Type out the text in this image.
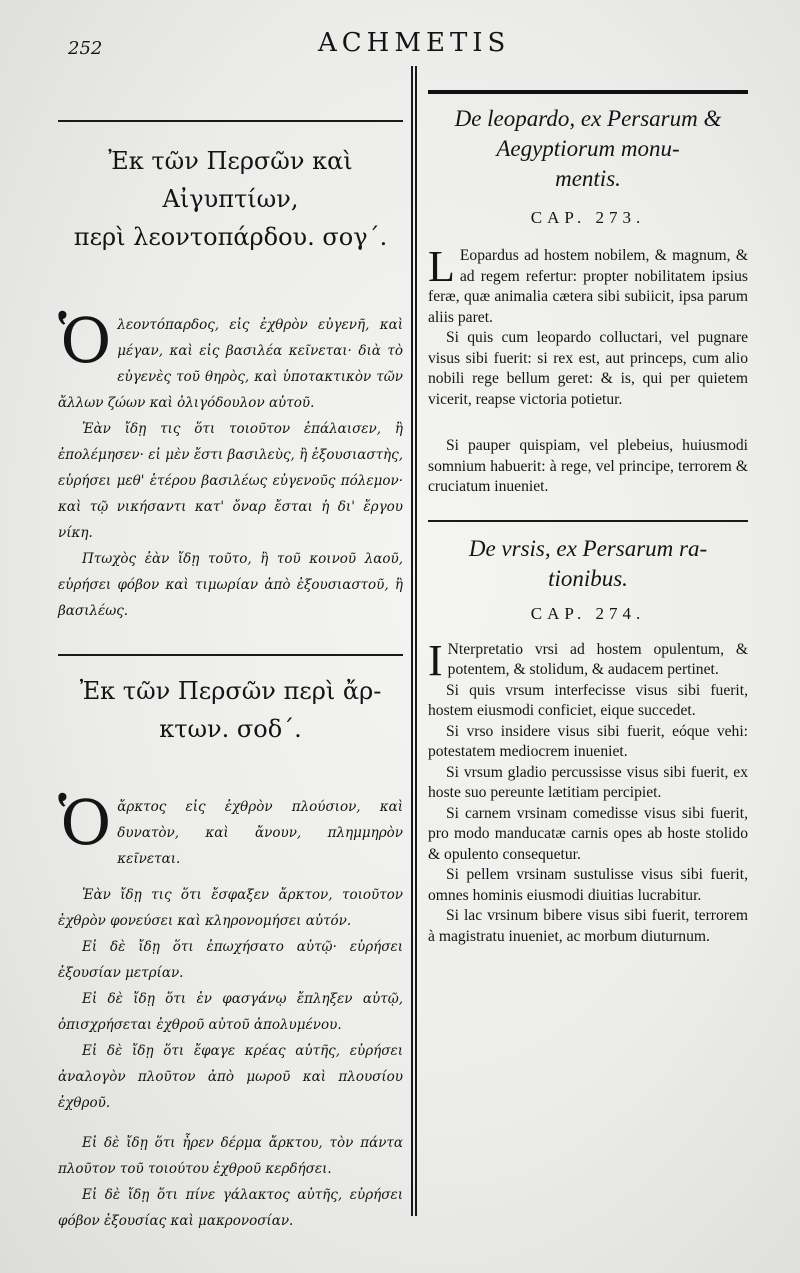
252	ACHMETIS

Ἐκ τῶν Περσῶν καὶ Αἰγυπτίων,

περὶ λεοντοπάρδου. σογ΄.

Ὁλεοντόπαρδος, εἰς ἐχθρὸν εὐγενῆ, καὶ μέγαν, καὶ εἰς βασιλέα κεῖνεται· διὰ τὸ εὐγενὲς τοῦ θηρὸς, καὶ ὑποτακτικὸν τῶν ἄλλων ζώων καὶ ὀλιγόδουλον αὐτοῦ.

Ἐὰν ἴδῃ τις ὅτι τοιοῦτον ἐπάλαισεν, ἢ ἐπολέμησεν· εἰ μὲν ἔστι βασιλεὺς, ἢ ἐξουσιαστὴς, εὑρήσει μεθ' ἑτέρου βασιλέως εὐγενοῦς πόλεμον· καὶ τῷ νικήσαντι κατ' ὄναρ ἔσται ἡ δι' ἔργου νίκη.

Πτωχὸς ἐὰν ἴδῃ τοῦτο, ἢ τοῦ κοινοῦ λαοῦ, εὑρήσει φόβον καὶ τιμωρίαν ἀπὸ ἐξουσιαστοῦ, ἢ βασιλέως.

Ἐκ τῶν Περσῶν περὶ ἄρ-

κτων. σοδ΄.

Ὁἄρκτος εἰς ἐχθρὸν πλούσιον, καὶ δυνατὸν, καὶ ἄνουν, πλημμηρὸν κεῖνεται.

Ἐὰν ἴδῃ τις ὅτι ἔσφαξεν ἄρκτον, τοιοῦτον ἐχθρὸν φονεύσει καὶ κληρονομήσει αὐτόν.

Εἰ δὲ ἴδῃ ὅτι ἐπωχήσατο αὐτῷ· εὑρήσει ἐξουσίαν μετρίαν.

Εἰ δὲ ἴδῃ ὅτι ἐν φασγάνῳ ἔπληξεν αὐτῷ, ὀπισχρήσεται ἐχθροῦ αὐτοῦ ἀπολυμένου.

Εἰ δὲ ἴδῃ ὅτι ἔφαγε κρέας αὐτῆς, εὑρήσει ἀναλογὸν πλοῦτον ἀπὸ μωροῦ καὶ πλουσίου ἐχθροῦ.

Εἰ δὲ ἴδῃ ὅτι ἦρεν δέρμα ἄρκτου, τὸν πάντα πλοῦτον τοῦ τοιούτου ἐχθροῦ κερδήσει.

Εἰ δὲ ἴδῃ ὅτι πίνε γάλακτος αὐτῆς, εὑρήσει φόβον ἐξουσίας καὶ μακρονοσίαν.

De leopardo, ex Persarum &

Aegyptiorum monu-

mentis.

CAP. 273.

L Eopardus ad hostem nobilem, & magnum, & ad regem refertur: propter nobilitatem ipsius feræ, quæ animalia cætera sibi subiicit, ipsa parum aliis paret.

Si quis cum leopardo colluctari, vel pugnare visus sibi fuerit: si rex est, aut princeps, cum alio nobili rege bellum geret: & is, qui per quietem vicerit, reapse victoria potietur.

Si pauper quispiam, vel plebeius, huiusmodi somnium habuerit: à rege, vel principe, terrorem & cruciatum inueniet.

De vrsis, ex Persarum ra-

tionibus.

CAP. 274.

I Nterpretatio vrsi ad hostem opulentum, & potentem, & stolidum, & audacem pertinet.

Si quis vrsum interfecisse visus sibi fuerit, hostem eiusmodi conficiet, eique succedet.

Si vrso insidere visus sibi fuerit, eóque vehi: potestatem mediocrem inueniet.

Si vrsum gladio percussisse visus sibi fuerit, ex hoste suo pereunte lætitiam percipiet.

Si carnem vrsinam comedisse visus sibi fuerit, pro modo manducatæ carnis opes ab hoste stolido & opulento consequetur.

Si pellem vrsinam sustulisse visus sibi fuerit, omnes hominis eiusmodi diuitias lucrabitur.

Si lac vrsinum bibere visus sibi fuerit, terrorem à magistratu inueniet, ac morbum diuturnum.
